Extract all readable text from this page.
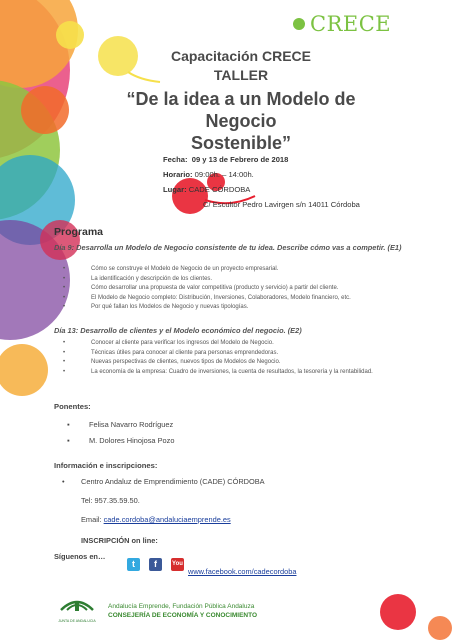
CRECE
Capacitación CRECE
TALLER
“De la idea a un Modelo de Negocio
Sostenible”
Fecha: 09 y 13 de Febrero de 2018
Horario: 09:00h. – 14:00h.
Lugar: CADE CÓRDOBA
C/ Escultor Pedro Lavirgen s/n 14011 Córdoba
Programa
Día 9: Desarrolla un Modelo de Negocio consistente de tu idea. Describe cómo vas a competir. (E1)
•	Cómo se construye el Modelo de Negocio de un proyecto empresarial.
•	La identificación y descripción de los clientes.
•	Cómo desarrollar una propuesta de valor competitiva (producto y servicio) a partir del cliente.
•	El Modelo de Negocio completo: Distribución, Inversiones, Colaboradores, Modelo financiero, etc.
•	Por qué fallan los Modelos de Negocio y nuevas tipologías.
Día 13: Desarrollo de clientes y el Modelo económico del negocio. (E2)
•	Conocer al cliente para verificar los ingresos del Modelo de Negocio.
•	Técnicas útiles para conocer al cliente para personas emprendedoras.
•	Nuevas perspectivas de clientes, nuevos tipos de Modelos de Negocio.
•	La economía de la empresa: Cuadro de inversiones, la cuenta de resultados, la tesorería y la rentabilidad.
Ponentes:
▪	Felisa Navarro Rodríguez
▪	M. Dolores Hinojosa Pozo
Información e inscripciones:
• Centro Andaluz de Emprendimiento (CADE) CÓRDOBA
Tel: 957.35.59.50.
Email: cade.cordoba@andaluciaemprende.es
INSCRIPCIÓN on line:
Síguenos en…
t	f	You
www.facebook.com/cadecordoba
JUNTA DE ANDALUCIA
Andalucía Emprende, Fundación Pública Andaluza
CONSEJERÍA DE ECONOMÍA Y CONOCIMIENTO
